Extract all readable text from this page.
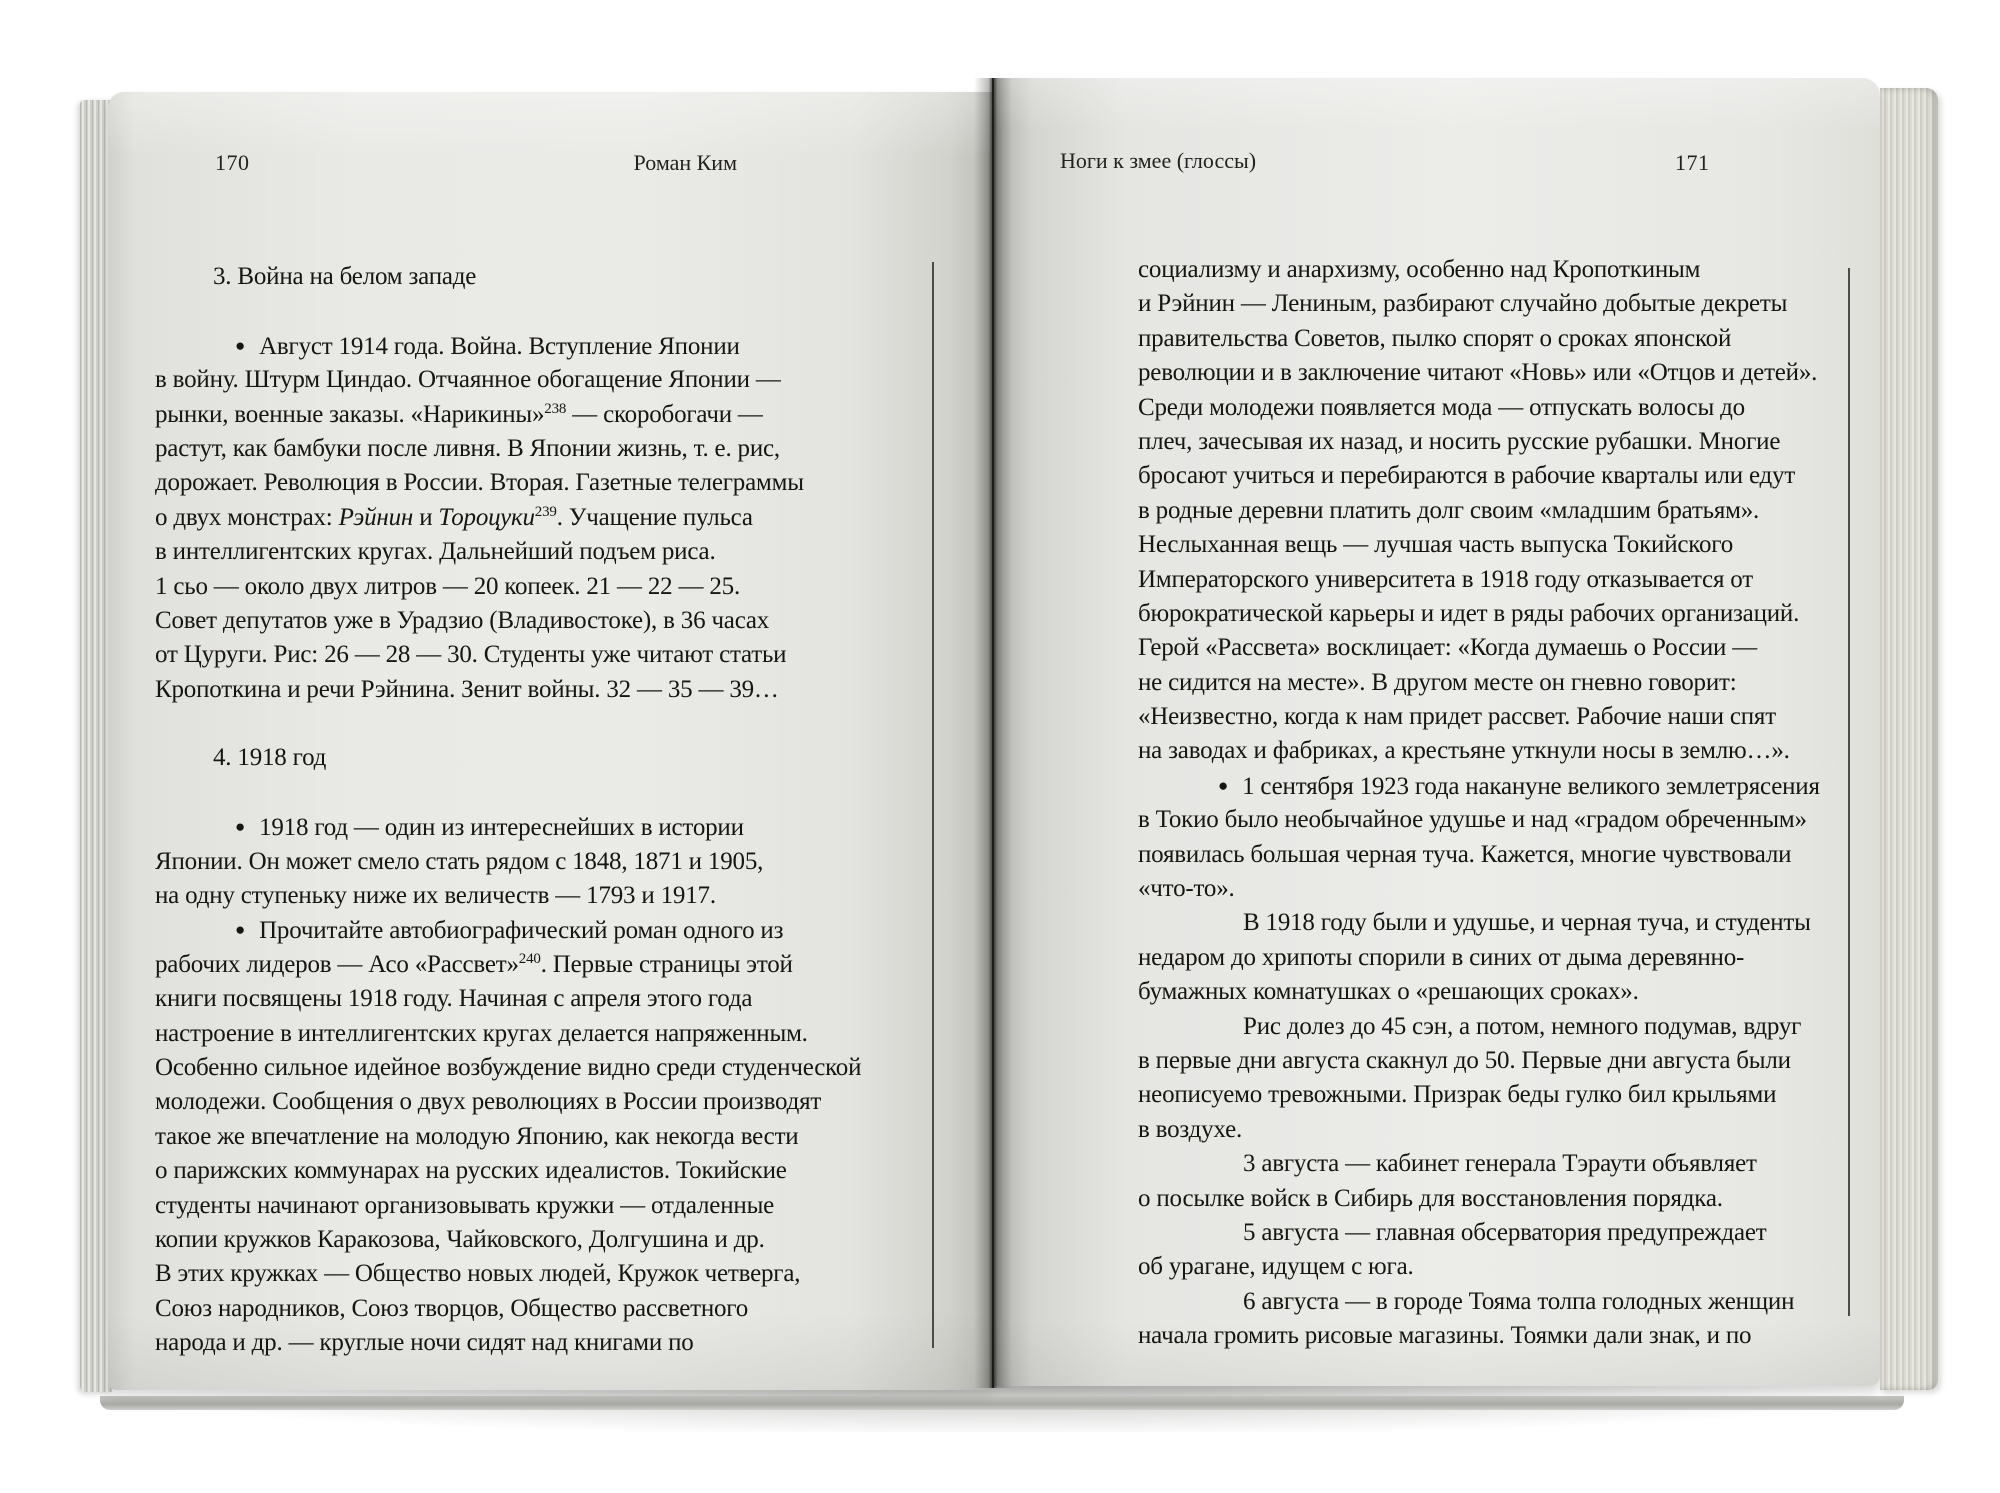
170	Роман Ким
3. Война на белом западе
● Август 1914 года. Война. Вступление Японии
в войну. Штурм Циндао. Отчаянное обогащение Японии —
рынки, военные заказы. «Нарикины»$^{238}$ — скоробогачи —
растут, как бамбуки после ливня. В Японии жизнь, т. е. рис,
дорожает. Революция в России. Вторая. Газетные телеграммы
о двух монстрах: Рэйнин и Тороцуки$^{239}$. Учащение пульса
в интеллигентских кругах. Дальнейший подъем риса.
1 сьо — около двух литров — 20 копеек. 21 — 22 — 25.
Совет депутатов уже в Урадзио (Владивостоке), в 36 часах
от Цуруги. Рис: 26 — 28 — 30. Студенты уже читают статьи
Кропоткина и речи Рэйнина. Зенит войны. 32 — 35 — 39…
4. 1918 год
● 1918 год — один из интереснейших в истории
Японии. Он может смело стать рядом с 1848, 1871 и 1905,
на одну ступеньку ниже их величеств — 1793 и 1917.
● Прочитайте автобиографический роман одного из
рабочих лидеров — Асо «Рассвет»$^{240}$. Первые страницы этой
книги посвящены 1918 году. Начиная с апреля этого года
настроение в интеллигентских кругах делается напряженным.
Особенно сильное идейное возбуждение видно среди студенческой
молодежи. Сообщения о двух революциях в России производят
такое же впечатление на молодую Японию, как некогда вести
о парижских коммунарах на русских идеалистов. Токийские
студенты начинают организовывать кружки — отдаленные
копии кружков Каракозова, Чайковского, Долгушина и др.
В этих кружках — Общество новых людей, Кружок четверга,
Союз народников, Союз творцов, Общество рассветного
народа и др. — круглые ночи сидят над книгами по
Ноги к змее (глоссы)	171
социализму и анархизму, особенно над Кропоткиным
и Рэйнин — Лениным, разбирают случайно добытые декреты
правительства Советов, пылко спорят о сроках японской
революции и в заключение читают «Новь» или «Отцов и детей».
Среди молодежи появляется мода — отпускать волосы до
плеч, зачесывая их назад, и носить русские рубашки. Многие
бросают учиться и перебираются в рабочие кварталы или едут
в родные деревни платить долг своим «младшим братьям».
Неслыханная вещь — лучшая часть выпуска Токийского
Императорского университета в 1918 году отказывается от
бюрократической карьеры и идет в ряды рабочих организаций.
Герой «Рассвета» восклицает: «Когда думаешь о России —
не сидится на месте». В другом месте он гневно говорит:
«Неизвестно, когда к нам придет рассвет. Рабочие наши спят
на заводах и фабриках, а крестьяне уткнули носы в землю…».
● 1 сентября 1923 года накануне великого землетрясения
в Токио было необычайное удушье и над «градом обреченным»
появилась большая черная туча. Кажется, многие чувствовали
«что-то».
В 1918 году были и удушье, и черная туча, и студенты
недаром до хрипоты спорили в синих от дыма деревянно-
бумажных комнатушках о «решающих сроках».
Рис долез до 45 сэн, а потом, немного подумав, вдруг
в первые дни августа скакнул до 50. Первые дни августа были
неописуемо тревожными. Призрак беды гулко бил крыльями
в воздухе.
3 августа — кабинет генерала Тэраути объявляет
о посылке войск в Сибирь для восстановления порядка.
5 августа — главная обсерватория предупреждает
об урагане, идущем с юга.
6 августа — в городе Тояма толпа голодных женщин
начала громить рисовые магазины. Тоямки дали знак, и по
